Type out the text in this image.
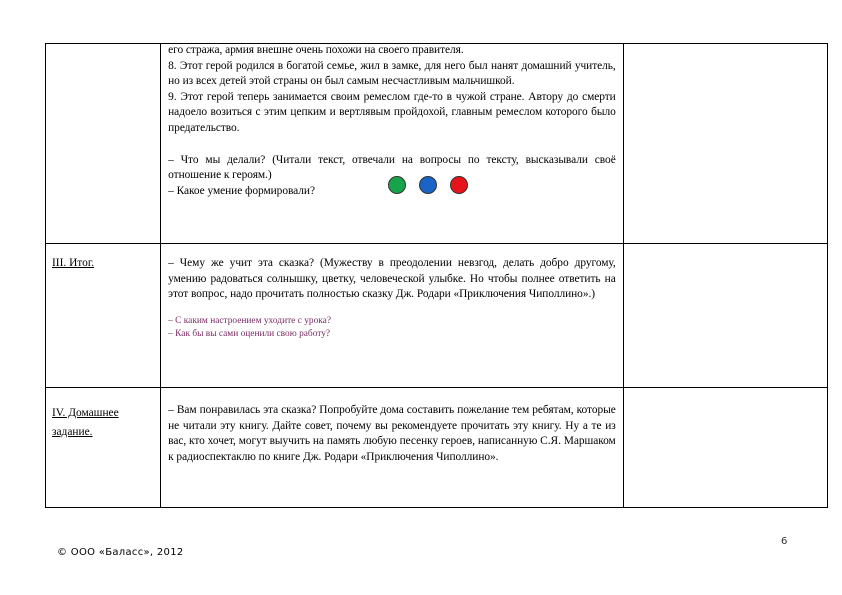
	его стража, армия внешне очень похожи на своего правителя.

8. Этот герой родился в богатой семье, жил в замке, для него был нанят домашний учитель, но из всех детей этой страны он был самым несчастливым мальчишкой.

9. Этот герой теперь занимается своим ремеслом где-то в чужой стране. Автору до смерти надоело возиться с этим цепким и вертлявым пройдохой, главным ремеслом которого было предательство.

– Что мы делали? (Читали текст, отвечали на вопросы по тексту, высказывали своё отношение к героям.)

– Какое умение формировали?	

III. Итог.	– Чему же учит эта сказка? (Мужеству в преодолении невзгод, делать добро другому, умению радоваться солнышку, цветку, человеческой улыбке. Но чтобы полнее ответить на этот вопрос, надо прочитать полностью сказку Дж. Родари «Приключения Чиполлино».)

– С каким настроением уходите с урока?

– Как бы вы сами оценили свою работу?	

IV. Домашнее задание.	– Вам понравилась эта сказка? Попробуйте дома составить пожелание тем ребятам, которые не читали эту книгу. Дайте совет, почему вы рекомендуете прочитать эту книгу. Ну а те из вас, кто хочет, могут выучить на память любую песенку героев, написанную С.Я. Маршаком к радиоспектаклю по книге Дж. Родари «Приключения Чиполлино».	

6
© ООО «Баласс», 2012
